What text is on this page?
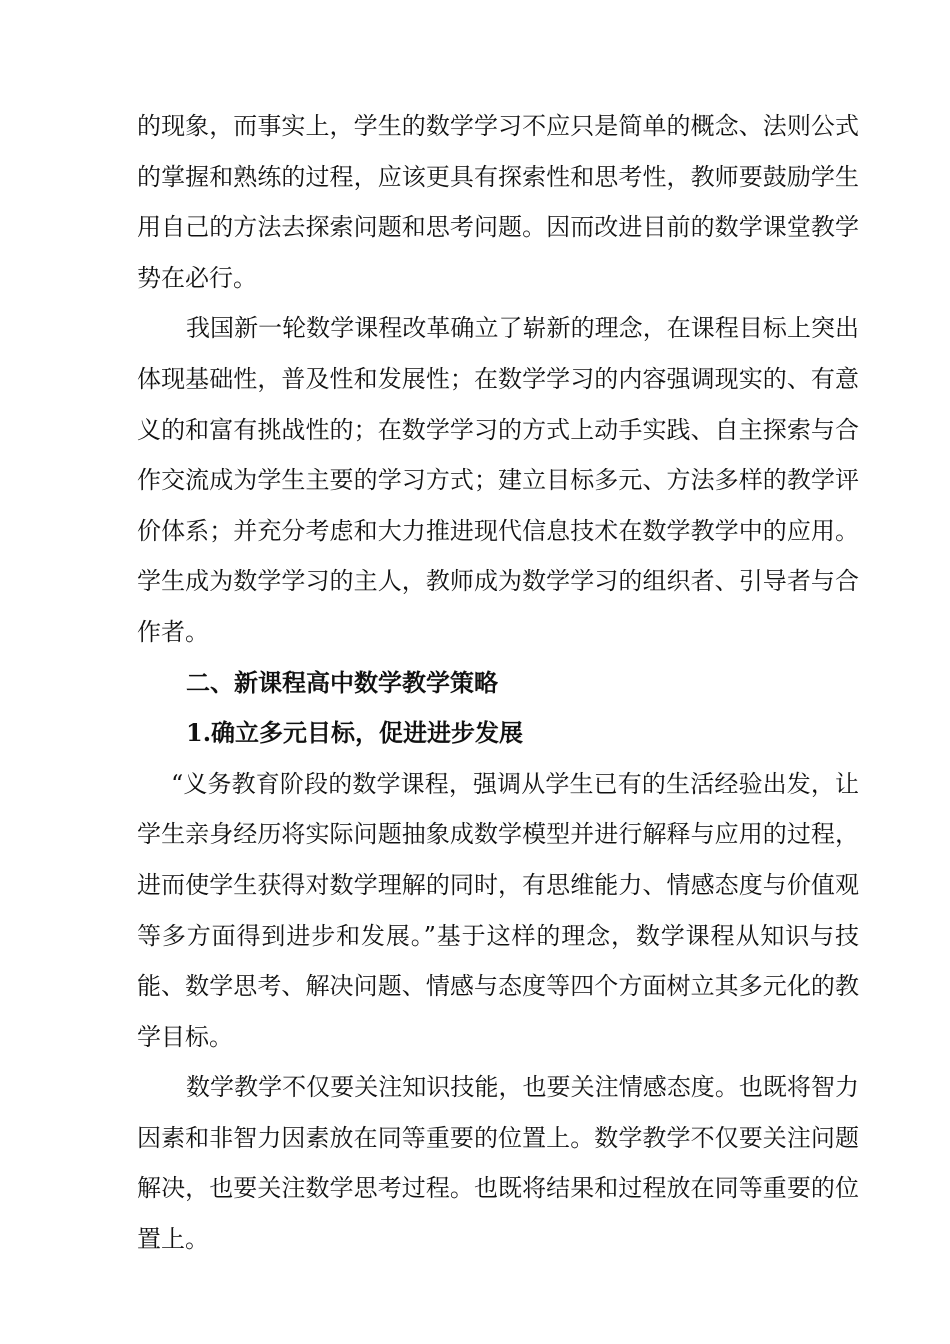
的现象，而事实上，学生的数学学习不应只是简单的概念、法则公式的掌握和熟练的过程，应该更具有探索性和思考性，教师要鼓励学生用自己的方法去探索问题和思考问题。因而改进目前的数学课堂教学势在必行。

我国新一轮数学课程改革确立了崭新的理念，在课程目标上突出体现基础性，普及性和发展性；在数学学习的内容强调现实的、有意义的和富有挑战性的；在数学学习的方式上动手实践、自主探索与合作交流成为学生主要的学习方式；建立目标多元、方法多样的教学评价体系；并充分考虑和大力推进现代信息技术在数学教学中的应用。学生成为数学学习的主人，教师成为数学学习的组织者、引导者与合作者。

二、新课程高中数学教学策略

1.确立多元目标，促进进步发展

“义务教育阶段的数学课程，强调从学生已有的生活经验出发，让学生亲身经历将实际问题抽象成数学模型并进行解释与应用的过程，进而使学生获得对数学理解的同时，有思维能力、情感态度与价值观等多方面得到进步和发展。”基于这样的理念，数学课程从知识与技能、数学思考、解决问题、情感与态度等四个方面树立其多元化的教学目标。

数学教学不仅要关注知识技能，也要关注情感态度。也既将智力因素和非智力因素放在同等重要的位置上。数学教学不仅要关注问题解决，也要关注数学思考过程。也既将结果和过程放在同等重要的位置上。
